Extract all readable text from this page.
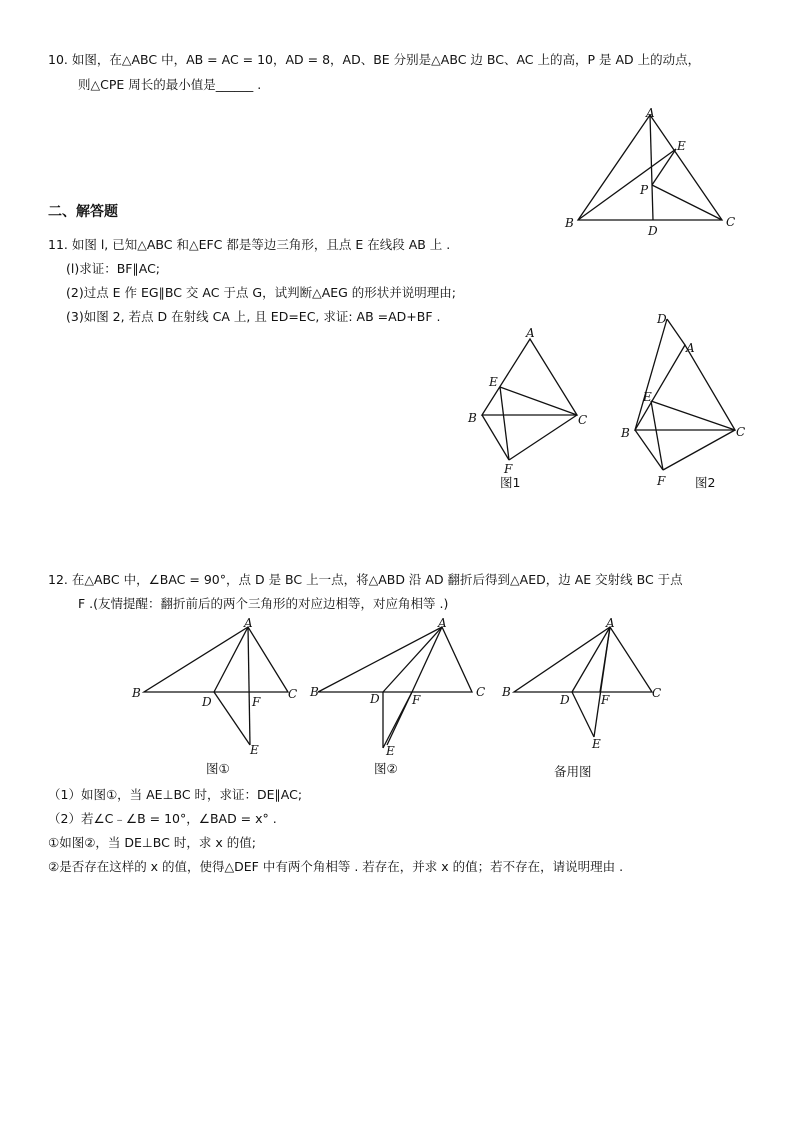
10. 如图，在△ABC 中，AB = AC = 10，AD = 8，AD、BE 分别是△ABC 边 BC、AC 上的高，P 是 AD 上的动点，
则△CPE 周长的最小值是______ .
A
B	C
D
E
P
二、解答题
11. 如图 l, 已知△ABC 和△EFC 都是等边三角形，且点 E 在线段 AB 上 .
(l)求证：BF∥AC;
(2)过点 E 作 EG∥BC 交 AC 于点 G，试判断△AEG 的形状并说明理由;
(3)如图 2, 若点 D 在射线 CA 上, 且 ED=EC, 求证: AB =AD+BF .
A
B	C
E
F
图1
D
A
B	C
E
F 图2
12. 在△ABC 中，∠BAC = 90°，点 D 是 BC 上一点，将△ABD 沿 AD 翻折后得到△AED，边 AE 交射线 BC 于点
F .(友情提醒：翻折前后的两个三角形的对应边相等，对应角相等 .)
A
B	C
D	F
E
图①
A
B	C
D	F
E
图②
A
B	C
D	F
E
备用图
（1）如图①，当 AE⊥BC 时，求证：DE∥AC;
（2）若∠C﹣∠B = 10°，∠BAD = x° .
①如图②，当 DE⊥BC 时，求 x 的值;
②是否存在这样的 x 的值，使得△DEF 中有两个角相等 . 若存在，并求 x 的值；若不存在，请说明理由 .
